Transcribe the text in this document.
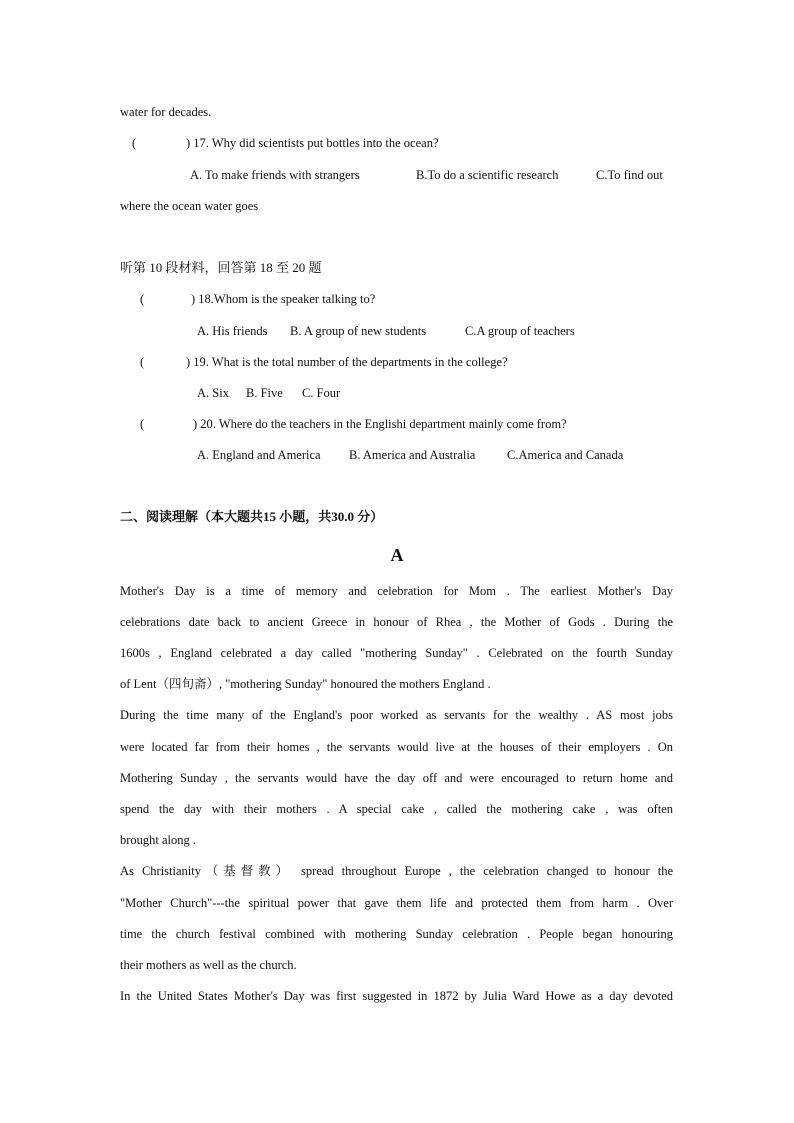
water for decades.
(	) 17. Why did scientists put bottles into the ocean?
A. To make friends with strangers	B.To do a scientific research	C.To find out
where the ocean water goes
听第 10 段材料，回答第 18 至 20 题
(	) 18.Whom is the speaker talking to?
A. His friends B. A group of new students	C.A group of teachers
(	) 19. What is the total number of the departments in the college?
A. Six B. Five C. Four
(	) 20. Where do the teachers in the Englishi department mainly come from?
A. England and America B. America and Australia	C.America and Canada
二、阅读理解（本大题共15 小题，共30.0 分）
A
Mother's Day is a time of memory and celebration for Mom . The earliest Mother's Day
celebrations date back to ancient Greece in honour of Rhea , the Mother of Gods . During the
1600s , England celebrated a day called "mothering Sunday" . Celebrated on the fourth Sunday
of Lent（四旬斋）, "mothering Sunday" honoured the mothers England .
During the time many of the England's poor worked as servants for the wealthy . AS most jobs
were located far from their homes , the servants would live at the houses of their employers . On
Mothering Sunday , the servants would have the day off and were encouraged to return home and
spend the day with their mothers . A special cake , called the mothering cake , was often
brought along .
As Christianity（基督教） spread throughout Europe , the celebration changed to honour the
"Mother Church"---the spiritual power that gave them life and protected them from harm . Over
time the church festival combined with mothering Sunday celebration . People began honouring
their mothers as well as the church.
In the United States Mother's Day was first suggested in 1872 by Julia Ward Howe as a day devoted
